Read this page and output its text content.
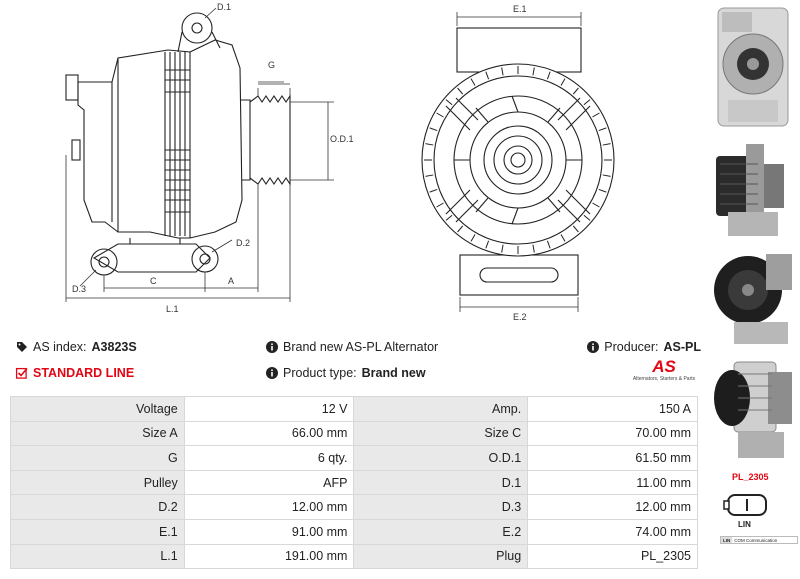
D.1
D.2
D.3
G
O.D.1
C	A
L.1
E.1
E.2
AS index: A3823S	Brand new AS-PL Alternator	Producer: AS-PL
STANDARD LINE	Product type: Brand new	AS
Alternators, Starters & Parts
Voltage	12 V	Amp.	150 A
Size A	66.00 mm	Size C	70.00 mm
G	6 qty.	O.D.1	61.50 mm
Pulley	AFP	D.1	11.00 mm
D.2	12.00 mm	D.3	12.00 mm
E.1	91.00 mm	E.2	74.00 mm
L.1	191.00 mm	Plug	PL_2305
PL_2305
LIN
LIN COM Communication
